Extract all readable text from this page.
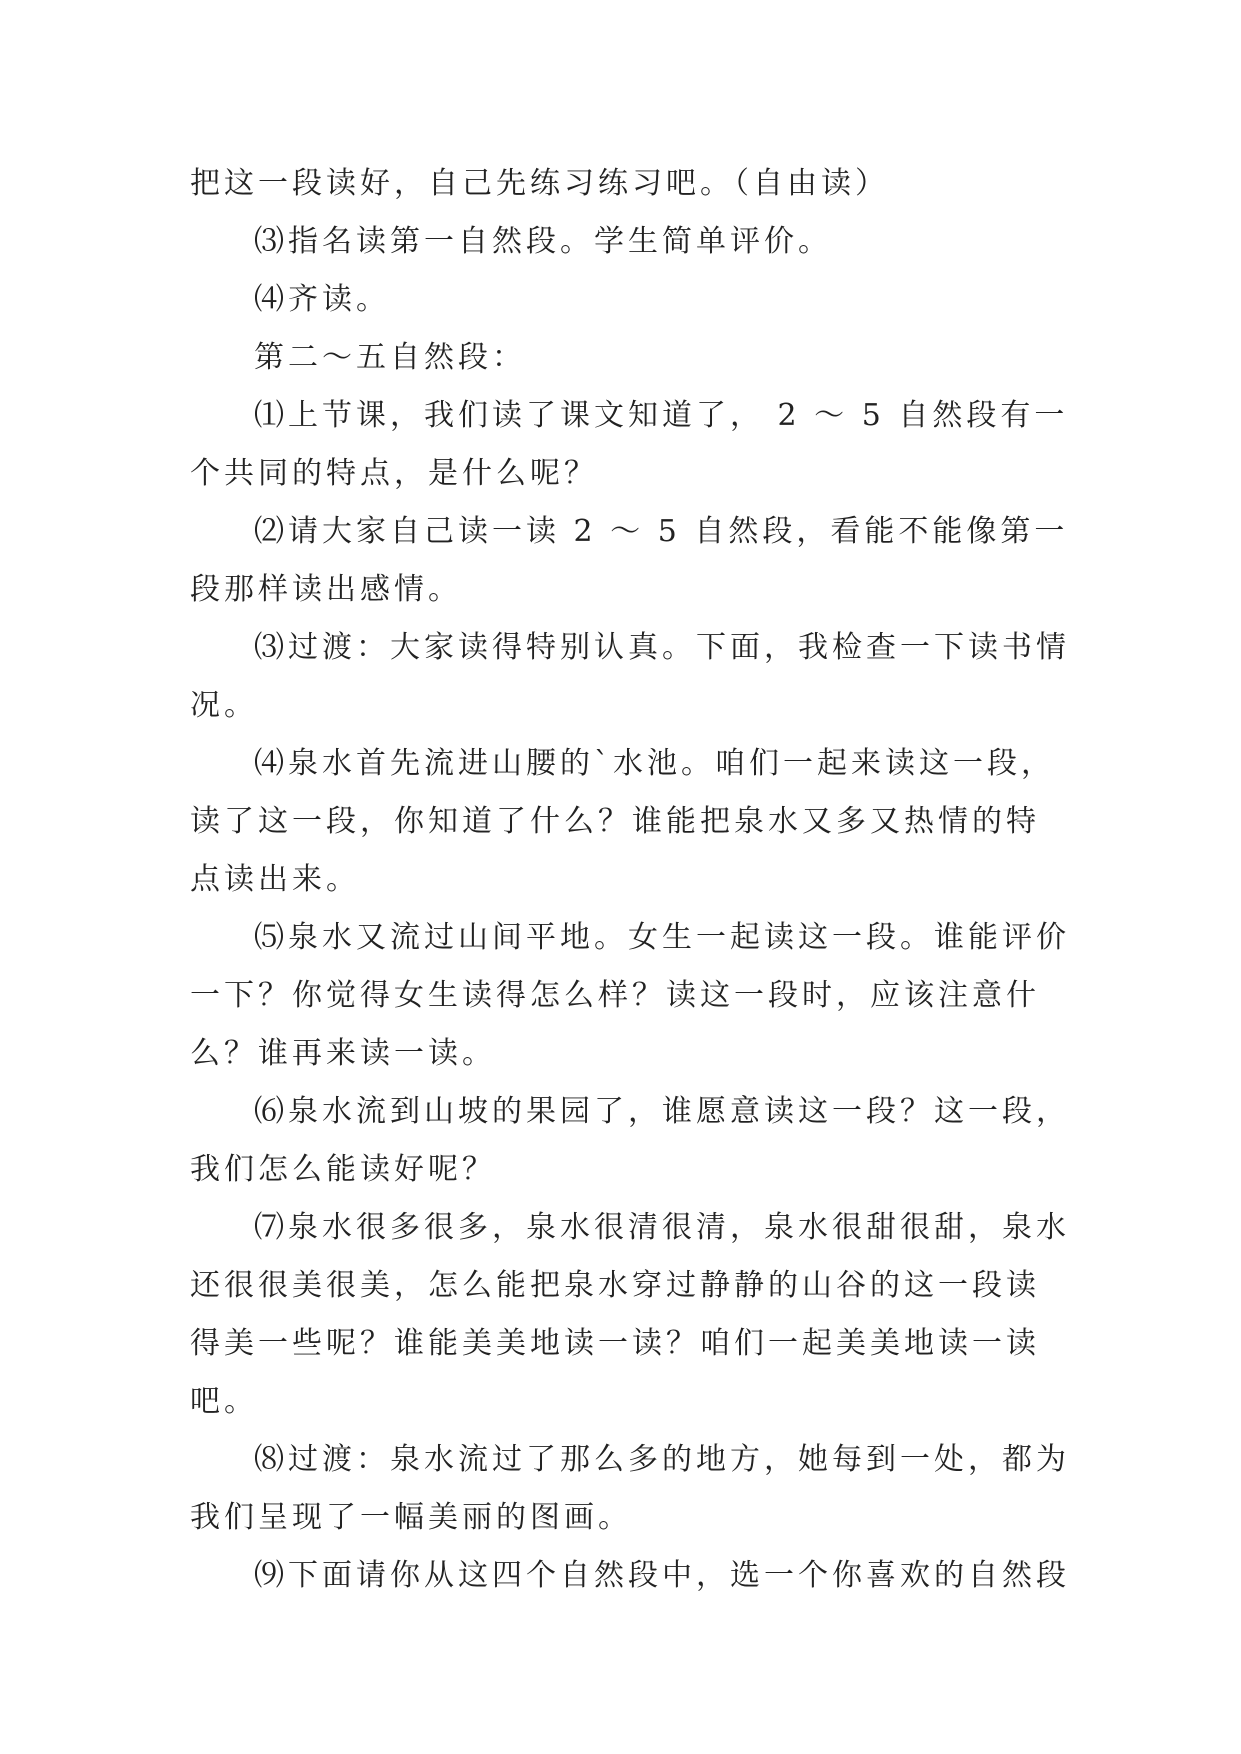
把这一段读好，自己先练习练习吧。（自由读）

⑶指名读第一自然段。学生简单评价。

⑷齐读。

第二～五自然段：

⑴上节课，我们读了课文知道了， 2 ～ 5 自然段有一个共同的特点，是什么呢？

⑵请大家自己读一读 2 ～ 5 自然段，看能不能像第一段那样读出感情。

⑶过渡：大家读得特别认真。下面，我检查一下读书情况。

⑷泉水首先流进山腰的`水池。咱们一起来读这一段，读了这一段，你知道了什么？谁能把泉水又多又热情的特点读出来。

⑸泉水又流过山间平地。女生一起读这一段。谁能评价一下？你觉得女生读得怎么样？读这一段时，应该注意什么？谁再来读一读。

⑹泉水流到山坡的果园了，谁愿意读这一段？这一段，我们怎么能读好呢？

⑺泉水很多很多，泉水很清很清，泉水很甜很甜，泉水还很很美很美，怎么能把泉水穿过静静的山谷的这一段读得美一些呢？谁能美美地读一读？咱们一起美美地读一读吧。

⑻过渡：泉水流过了那么多的地方，她每到一处，都为我们呈现了一幅美丽的图画。

⑼下面请你从这四个自然段中，选一个你喜欢的自然段
